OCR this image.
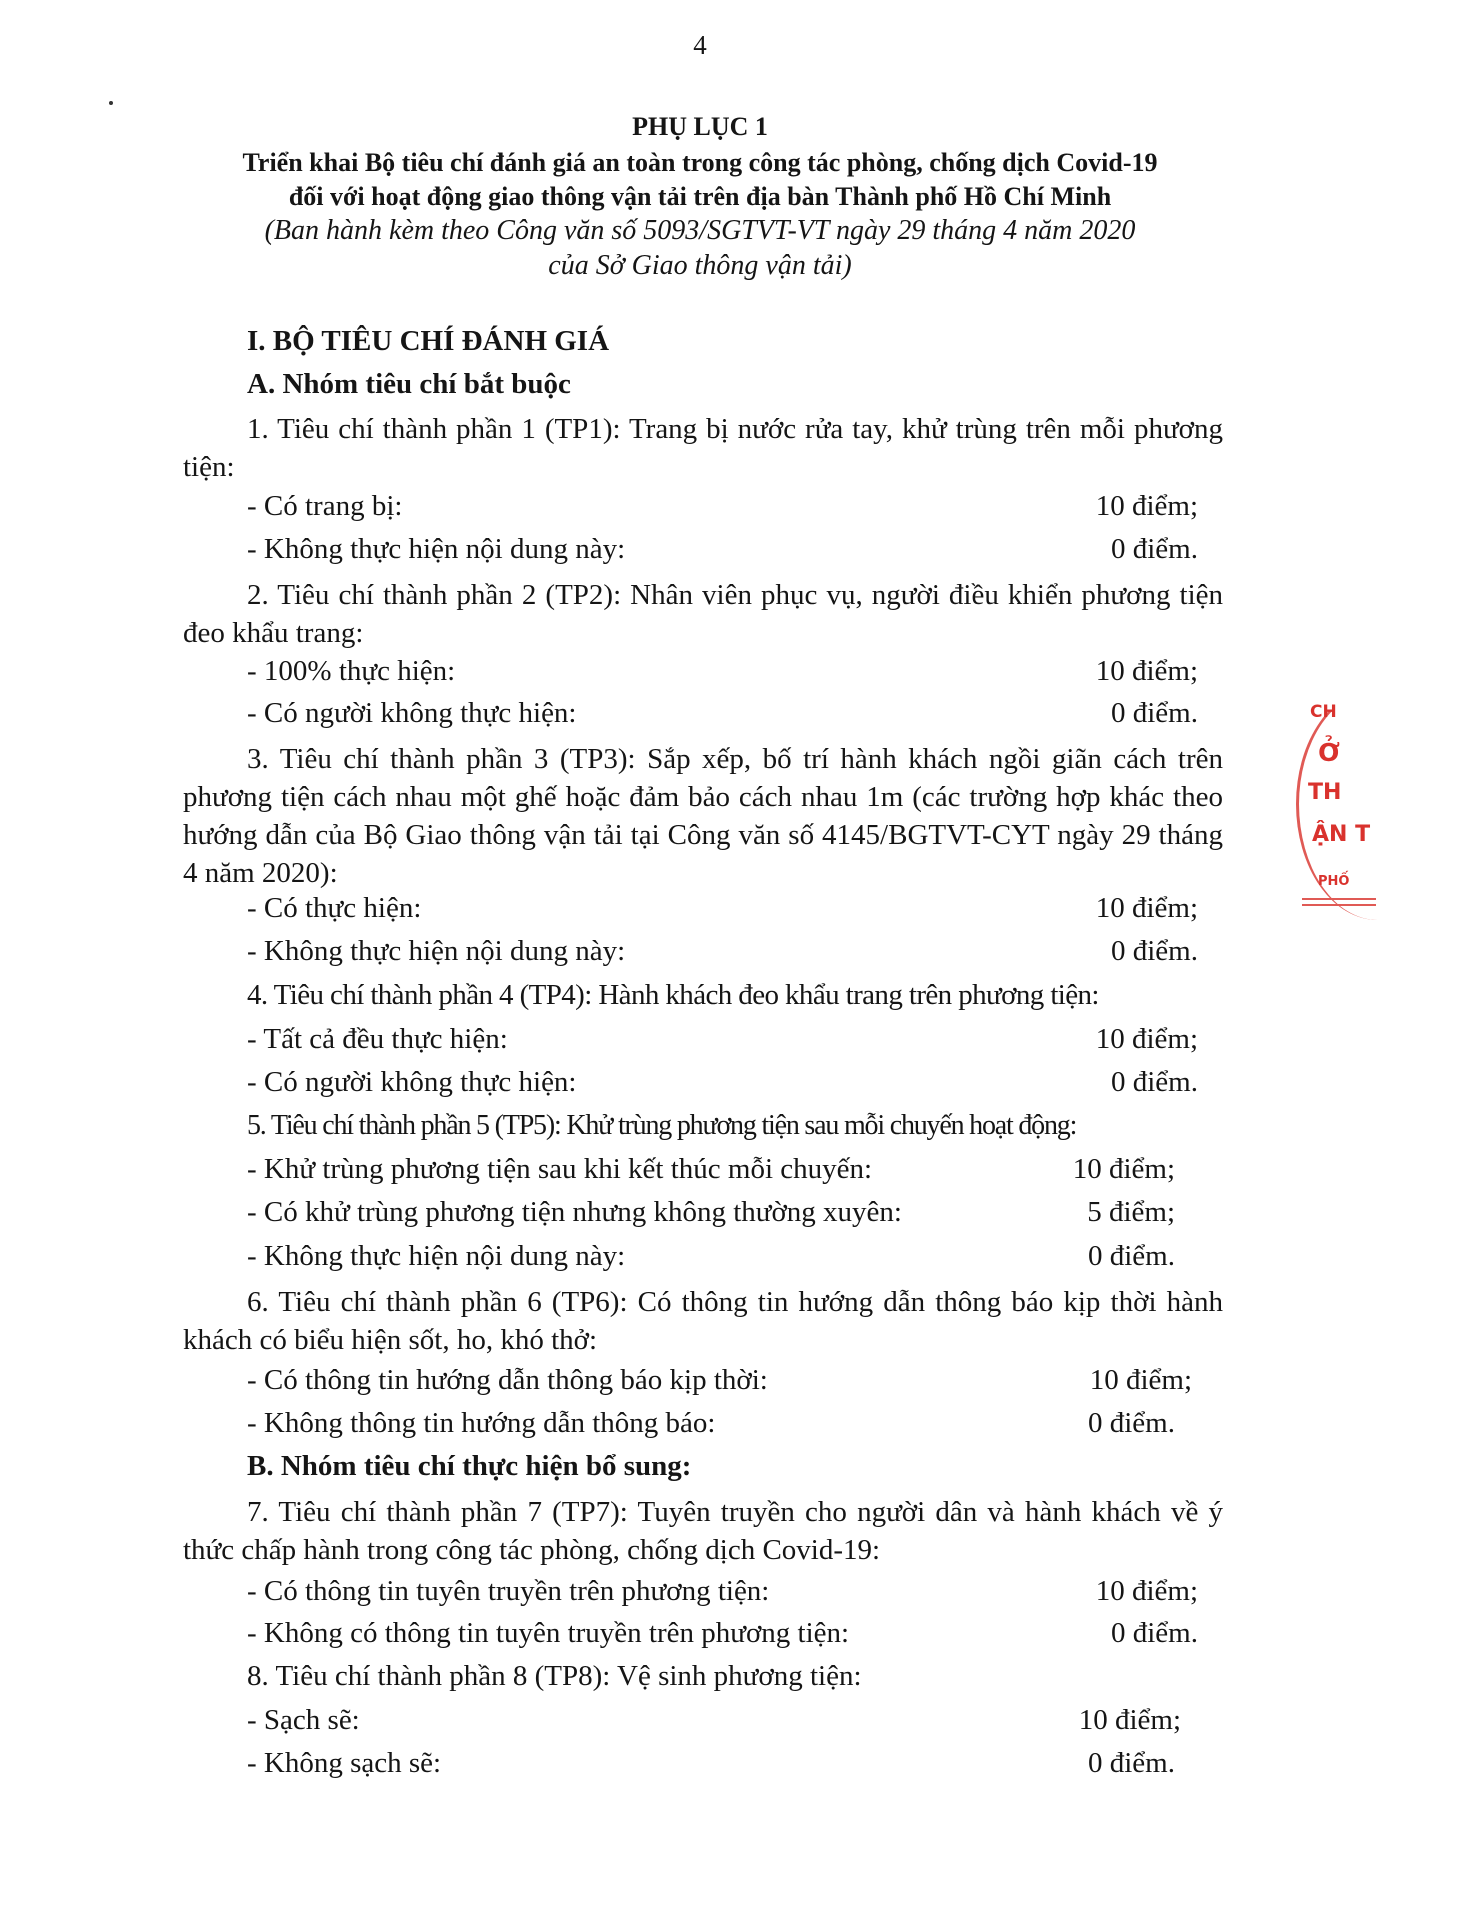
4
PHỤ LỤC 1
Triển khai Bộ tiêu chí đánh giá an toàn trong công tác phòng, chống dịch Covid-19
đối với hoạt động giao thông vận tải trên địa bàn Thành phố Hồ Chí Minh
(Ban hành kèm theo Công văn số 5093/SGTVT-VT ngày 29 tháng 4 năm 2020
của Sở Giao thông vận tải)
I. BỘ TIÊU CHÍ ĐÁNH GIÁ
A. Nhóm tiêu chí bắt buộc
1. Tiêu chí thành phần 1 (TP1): Trang bị nước rửa tay, khử trùng trên mỗi phương tiện:
- Có trang bị:	10 điểm;
- Không thực hiện nội dung này:	0 điểm.
2. Tiêu chí thành phần 2 (TP2): Nhân viên phục vụ, người điều khiển phương tiện đeo khẩu trang:
- 100% thực hiện:	10 điểm;
- Có người không thực hiện:	0 điểm.
3. Tiêu chí thành phần 3 (TP3): Sắp xếp, bố trí hành khách ngồi giãn cách trên phương tiện cách nhau một ghế hoặc đảm bảo cách nhau 1m (các trường hợp khác theo hướng dẫn của Bộ Giao thông vận tải tại Công văn số 4145/BGTVT-CYT ngày 29 tháng 4 năm 2020):
- Có thực hiện:	10 điểm;
- Không thực hiện nội dung này:	0 điểm.
4. Tiêu chí thành phần 4 (TP4): Hành khách đeo khẩu trang trên phương tiện:
- Tất cả đều thực hiện:	10 điểm;
- Có người không thực hiện:	0 điểm.
5. Tiêu chí thành phần 5 (TP5): Khử trùng phương tiện sau mỗi chuyến hoạt động:
- Khử trùng phương tiện sau khi kết thúc mỗi chuyến:	10 điểm;
- Có khử trùng phương tiện nhưng không thường xuyên:	5 điểm;
- Không thực hiện nội dung này:	0 điểm.
6. Tiêu chí thành phần 6 (TP6): Có thông tin hướng dẫn thông báo kịp thời hành khách có biểu hiện sốt, ho, khó thở:
- Có thông tin hướng dẫn thông báo kịp thời:	10 điểm;
- Không thông tin hướng dẫn thông báo:	0 điểm.
B. Nhóm tiêu chí thực hiện bổ sung:
7. Tiêu chí thành phần 7 (TP7): Tuyên truyền cho người dân và hành khách về ý thức chấp hành trong công tác phòng, chống dịch Covid-19:
- Có thông tin tuyên truyền trên phương tiện:	10 điểm;
- Không có thông tin tuyên truyền trên phương tiện:	0 điểm.
8. Tiêu chí thành phần 8 (TP8): Vệ sinh phương tiện:
- Sạch sẽ:	10 điểm;
- Không sạch sẽ:	0 điểm.
CH
Ở
TH
ẬN T
PHỐ
